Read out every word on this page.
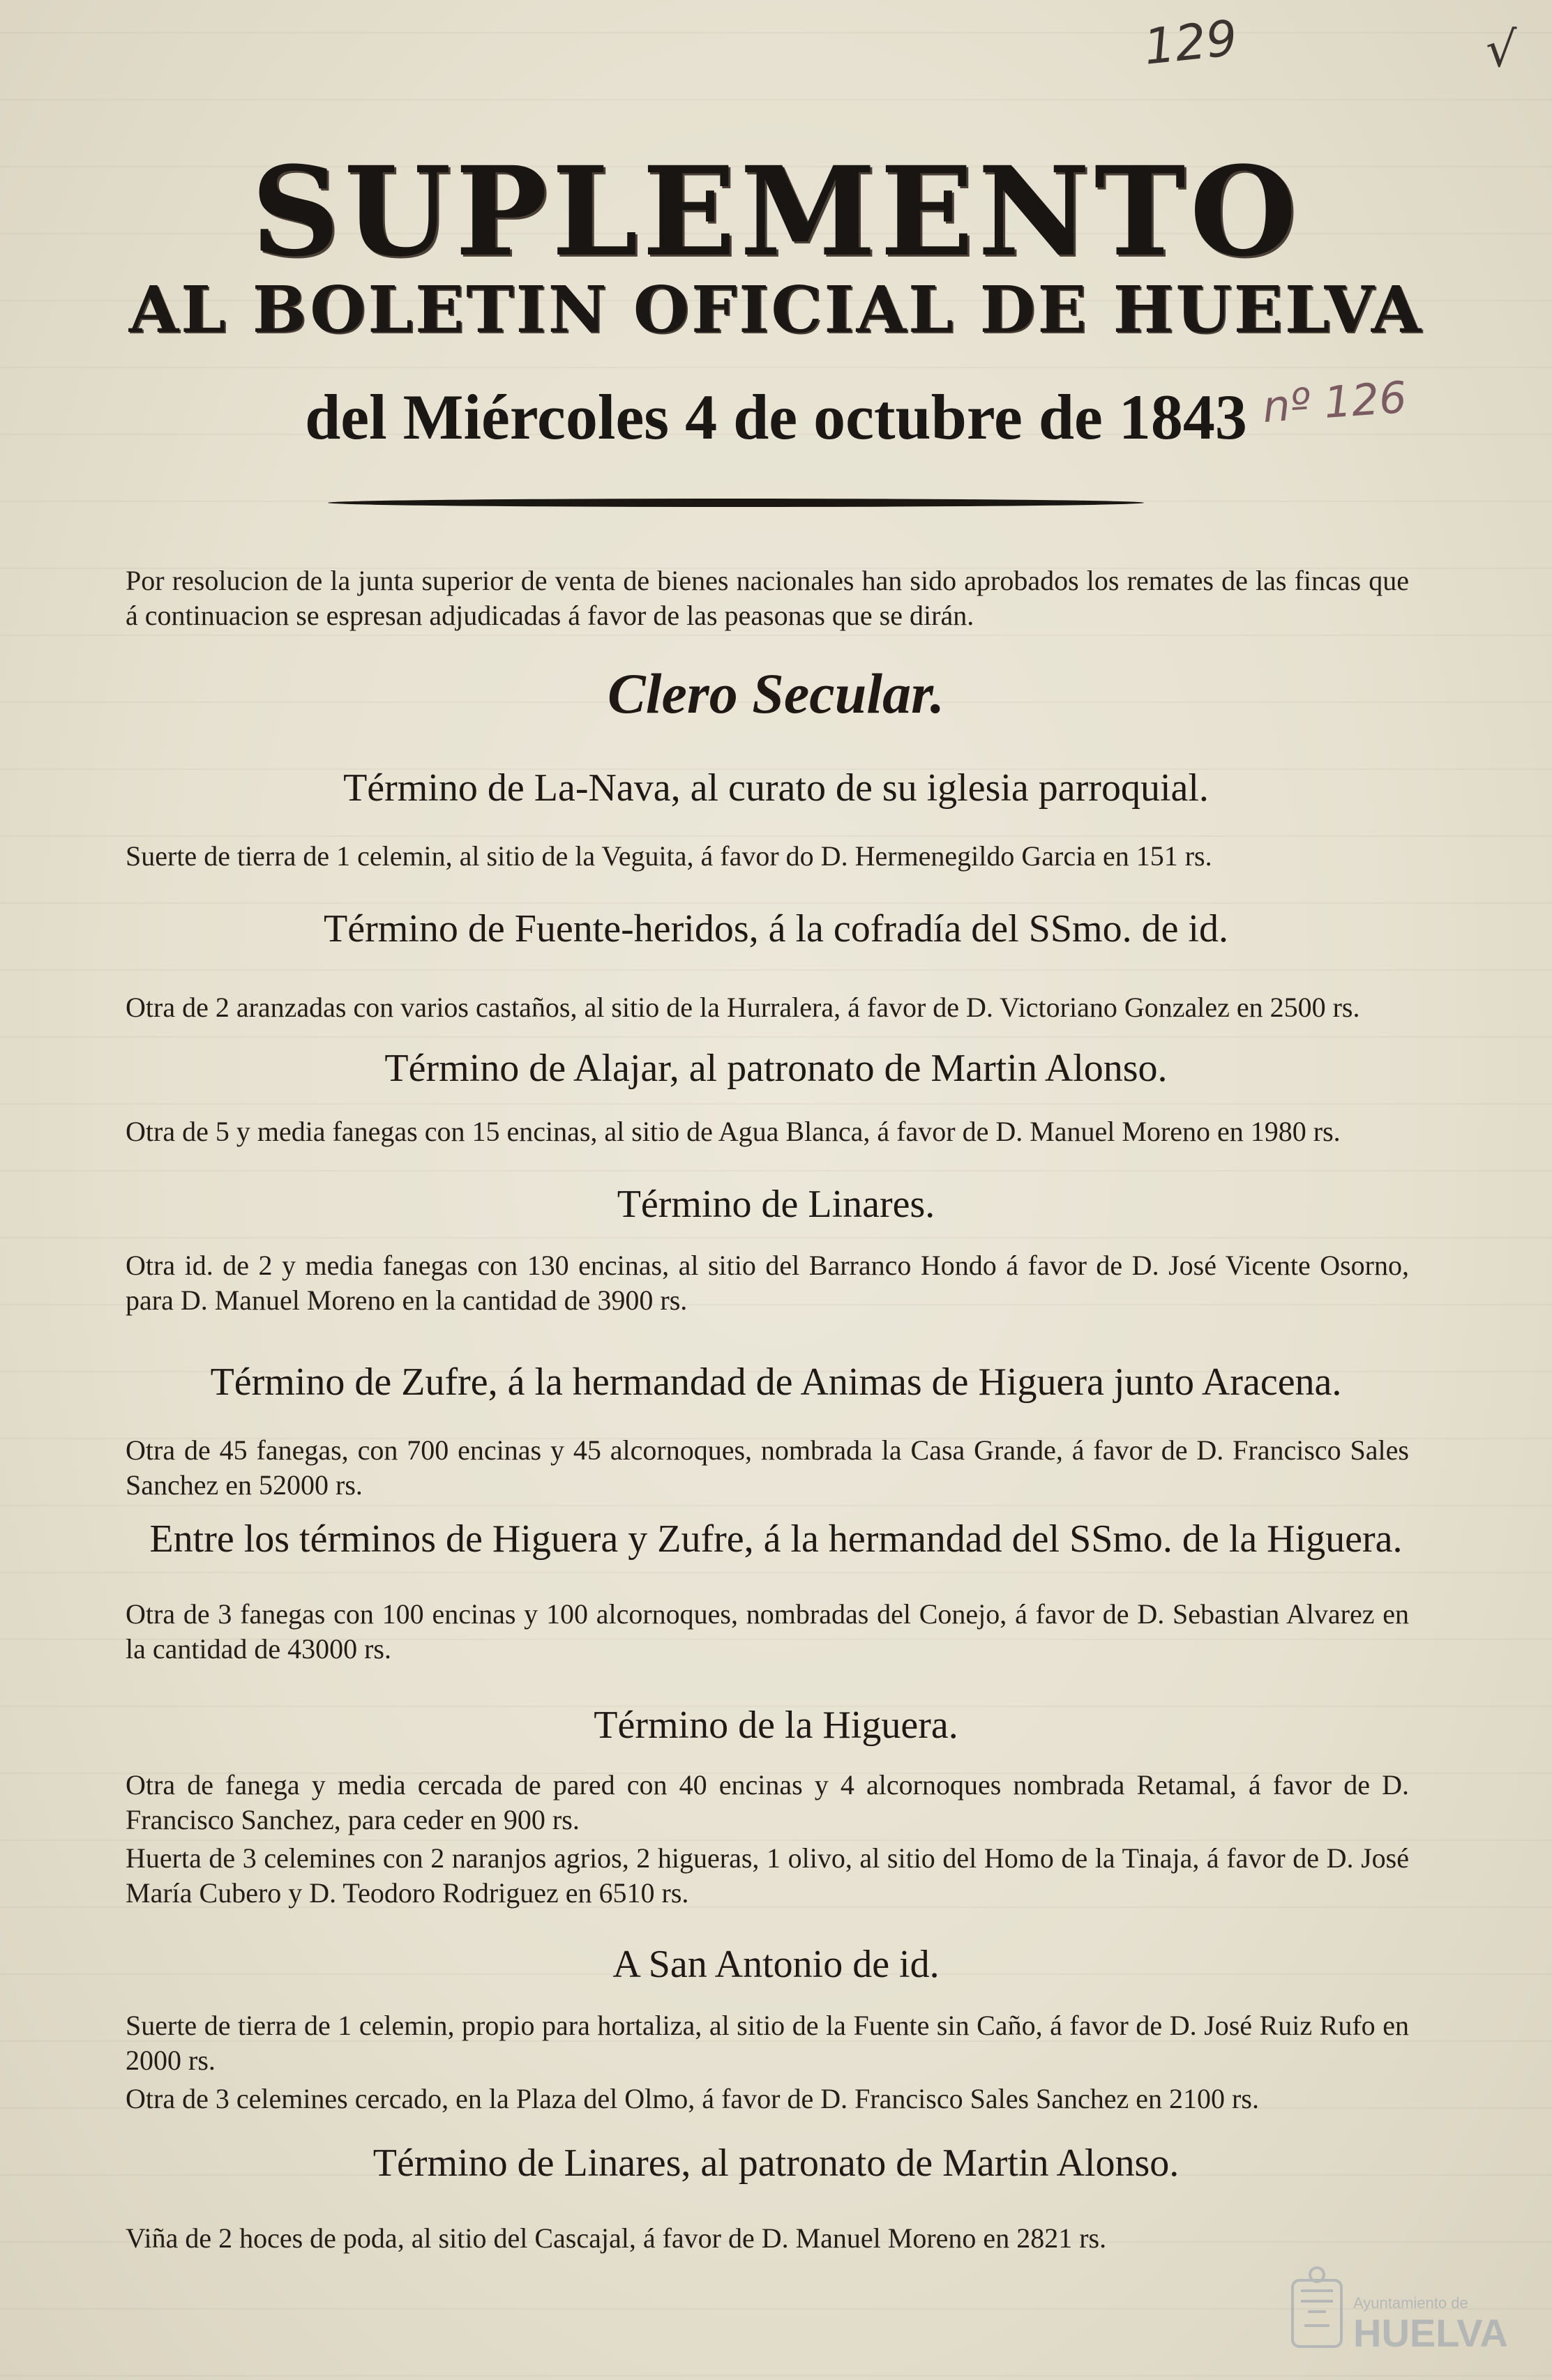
129	√
nº 126
SUPLEMENTO
AL BOLETIN OFICIAL DE HUELVA
del Miércoles 4 de octubre de 1843
Por resolucion de la junta superior de venta de bienes nacionales han sido aprobados los remates de las fincas que á continuacion se espresan adjudicadas á favor de las peasonas que se dirán.
Clero Secular.
Término de La-Nava, al curato de su iglesia parroquial.
Suerte de tierra de 1 celemin, al sitio de la Veguita, á favor do D. Hermenegildo Garcia en 151 rs.
Término de Fuente-heridos, á la cofradía del SSmo. de id.
Otra de 2 aranzadas con varios castaños, al sitio de la Hurralera, á favor de D. Victoriano Gonzalez en 2500 rs.
Término de Alajar, al patronato de Martin Alonso.
Otra de 5 y media fanegas con 15 encinas, al sitio de Agua Blanca, á favor de D. Manuel Moreno en 1980 rs.
Término de Linares.
Otra id. de 2 y media fanegas con 130 encinas, al sitio del Barranco Hondo á favor de D. José Vicente Osorno, para D. Manuel Moreno en la cantidad de 3900 rs.
Término de Zufre, á la hermandad de Animas de Higuera junto Aracena.
Otra de 45 fanegas, con 700 encinas y 45 alcornoques, nombrada la Casa Grande, á favor de D. Francisco Sales Sanchez en 52000 rs.
Entre los términos de Higuera y Zufre, á la hermandad del SSmo. de la Higuera.
Otra de 3 fanegas con 100 encinas y 100 alcornoques, nombradas del Conejo, á favor de D. Sebastian Alvarez en la cantidad de 43000 rs.
Término de la Higuera.
Otra de fanega y media cercada de pared con 40 encinas y 4 alcornoques nombrada Retamal, á favor de D. Francisco Sanchez, para ceder en 900 rs.
Huerta de 3 celemines con 2 naranjos agrios, 2 higueras, 1 olivo, al sitio del Homo de la Tinaja, á favor de D. José María Cubero y D. Teodoro Rodriguez en 6510 rs.
A San Antonio de id.
Suerte de tierra de 1 celemin, propio para hortaliza, al sitio de la Fuente sin Caño, á favor de D. José Ruiz Rufo en 2000 rs.
Otra de 3 celemines cercado, en la Plaza del Olmo, á favor de D. Francisco Sales Sanchez en 2100 rs.
Término de Linares, al patronato de Martin Alonso.
Viña de 2 hoces de poda, al sitio del Cascajal, á favor de D. Manuel Moreno en 2821 rs.
Ayuntamiento de
HUELVA
